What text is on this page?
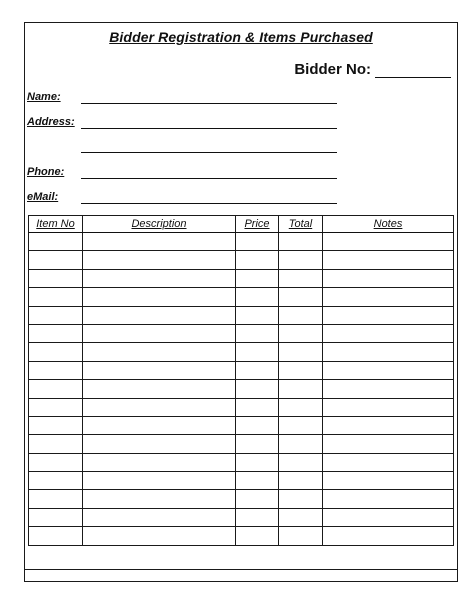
Bidder Registration & Items Purchased
Bidder No:
Name:
Address:
Phone:
eMail:
Item No	Description	Price	Total	Notes
